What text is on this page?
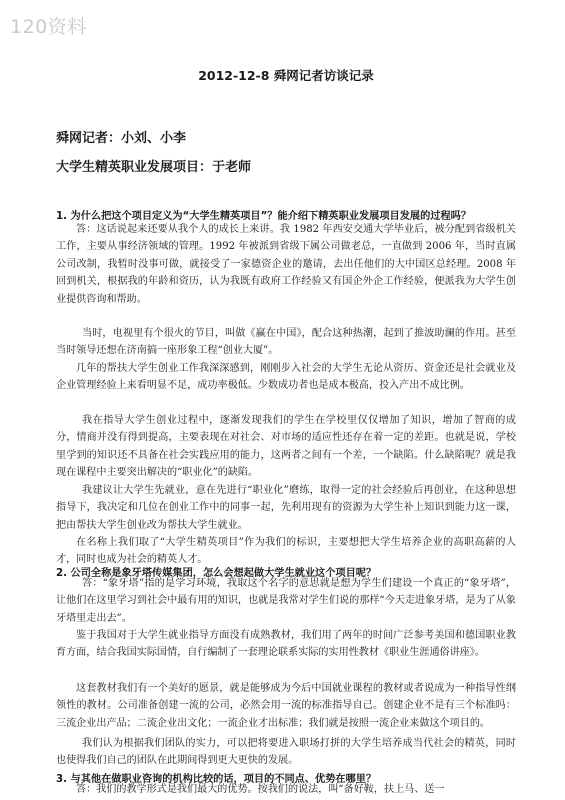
120资料
2012-12-8 舜网记者访谈记录
舜网记者：小刘、小李
大学生精英职业发展项目：于老师
1. 为什么把这个项目定义为“大学生精英项目”？能介绍下精英职业发展项目发展的过程吗？

答：这话说起来还要从我个人的成长上来讲。我 1982 年西安交通大学毕业后，被分配到省级机关工作，主要从事经济领域的管理。1992 年被派到省级下属公司做老总，一直做到 2006 年，当时直属公司改制，我暂时没事可做，就接受了一家德资企业的邀请，去出任他们的大中国区总经理。2008 年回到机关，根据我的年龄和资历，认为我既有政府工作经验又有国企外企工作经验，便派我为大学生创业提供咨询和帮助。

当时，电视里有个很火的节目，叫做《赢在中国》，配合这种热潮，起到了推波助澜的作用。甚至当时领导还想在济南搞一座形象工程“创业大厦”。

几年的帮扶大学生创业工作我深深感到，刚刚步入社会的大学生无论从资历、资金还是社会就业及企业管理经验上来看明显不足，成功率极低。少数成功者也是成本极高，投入产出不成比例。

我在指导大学生创业过程中，逐渐发现我们的学生在学校里仅仅增加了知识，增加了智商的成分，情商并没有得到提高，主要表现在对社会、对市场的适应性还存在着一定的差距。也就是说，学校里学到的知识还不具备在社会实践应用的能力，这两者之间有一个差，一个缺陷。什么缺陷呢？就是我现在课程中主要突出解决的“职业化”的缺陷。

我建议让大学生先就业，意在先进行“职业化”磨练，取得一定的社会经验后再创业，在这种思想指导下，我决定和几位在创业工作中的同事一起，先利用现有的资源为大学生补上知识到能力这一课，把由帮扶大学生创业改为帮扶大学生就业。

在名称上我们取了“大学生精英项目”作为我们的标识，主要想把大学生培养企业的高职高薪的人才，同时也成为社会的精英人才。

2. 公司全称是象牙塔传媒集团，怎么会想起做大学生就业这个项目呢？

答：“象牙塔”指的是学习环境，我取这个名字的意思就是想为学生们建设一个真正的“象牙塔”，让他们在这里学习到社会中最有用的知识，也就是我常对学生们说的那样“今天走进象牙塔，是为了从象牙塔里走出去”。

鉴于我国对于大学生就业指导方面没有成熟教材，我们用了两年的时间广泛参考美国和德国职业教育方面，结合我国实际国情，自行编制了一套理论联系实际的实用性教材《职业生涯通俗讲座》。

这套教材我们有一个美好的愿景，就是能够成为今后中国就业课程的教材或者说成为一种指导性纲领性的教材。公司准备创建一流的公司，必然会用一流的标准指导自己。创建企业不是有三个标准吗：三流企业出产品；二流企业出文化；一流企业才出标准；我们就是按照一流企业来做这个项目的。

我们认为根据我们团队的实力，可以把将要进入职场打拼的大学生培养成当代社会的精英，同时也使得我们自己的团队在此期间得到更大更快的发展。

3. 与其他在做职业咨询的机构比较的话，项目的不同点、优势在哪里？

答：我们的教学形式是我们最大的优势。按我们的说法，叫“备好鞍，扶上马、送一
